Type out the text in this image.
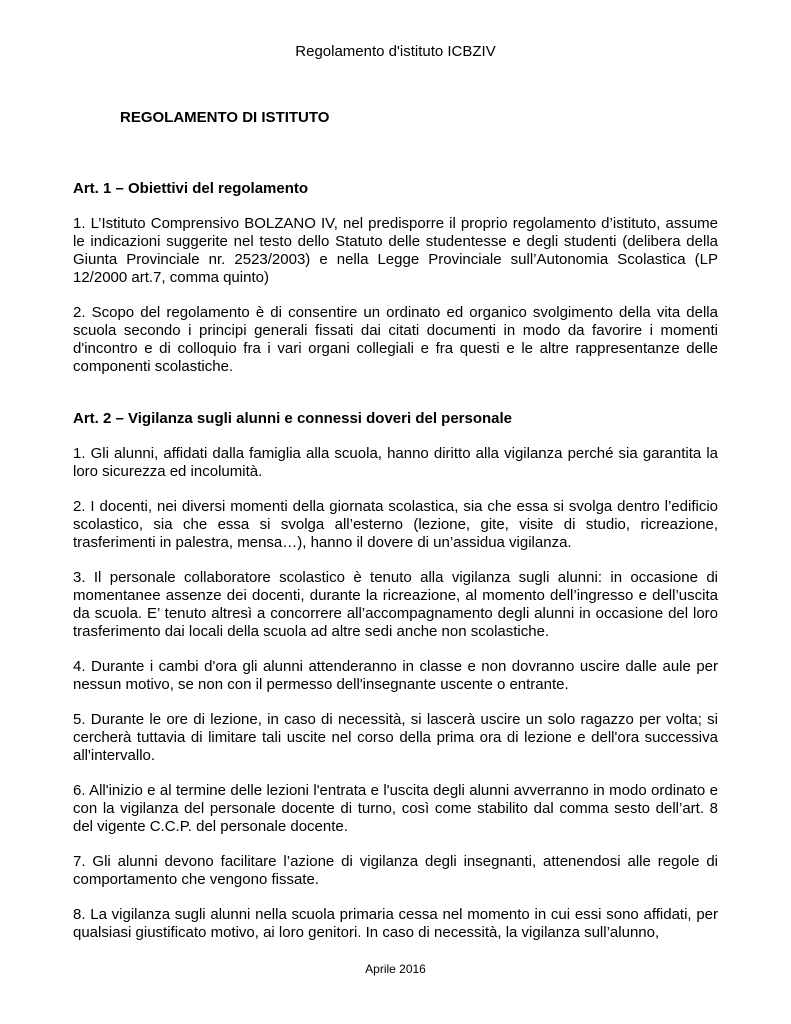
Regolamento d'istituto ICBZIV
REGOLAMENTO DI ISTITUTO
Art. 1 – Obiettivi del regolamento
1. L’Istituto Comprensivo BOLZANO IV, nel predisporre il proprio regolamento d’istituto, assume le indicazioni suggerite nel testo dello Statuto delle studentesse e degli studenti (delibera della Giunta Provinciale nr. 2523/2003) e nella Legge Provinciale sull’Autonomia Scolastica (LP 12/2000 art.7, comma quinto)
2. Scopo del regolamento è di consentire un ordinato ed organico svolgimento della vita della scuola secondo i principi generali fissati dai citati documenti in modo da favorire i momenti d'incontro e di colloquio fra i vari organi collegiali e fra questi e le altre rappresentanze delle componenti scolastiche.
Art. 2 – Vigilanza sugli alunni e connessi doveri del personale
1. Gli alunni, affidati dalla famiglia alla scuola, hanno diritto alla vigilanza perché sia garantita la loro sicurezza ed incolumità.
2. I docenti, nei diversi momenti della giornata scolastica, sia che essa si svolga dentro l’edificio scolastico, sia che essa si svolga all’esterno (lezione, gite, visite di studio, ricreazione, trasferimenti in palestra, mensa…), hanno il dovere di un’assidua vigilanza.
3. Il personale collaboratore scolastico è tenuto alla vigilanza sugli alunni: in occasione di momentanee assenze dei docenti, durante la ricreazione, al momento dell’ingresso e dell’uscita da scuola. E’ tenuto altresì a concorrere all’accompagnamento degli alunni in occasione del loro trasferimento dai locali della scuola ad altre sedi anche non scolastiche.
4. Durante i cambi d'ora gli alunni attenderanno in classe e non dovranno uscire dalle aule per nessun motivo, se non con il permesso dell'insegnante uscente o entrante.
5. Durante le ore di lezione, in caso di necessità, si lascerà uscire un solo ragazzo per volta; si cercherà tuttavia di limitare tali uscite nel corso della prima ora di lezione e dell'ora successiva all'intervallo.
6. All'inizio e al termine delle lezioni l'entrata e l'uscita degli alunni avverranno in modo ordinato e con la vigilanza del personale docente di turno, così come stabilito dal comma sesto dell’art. 8 del vigente C.C.P. del personale docente.
7. Gli alunni devono facilitare l’azione di vigilanza degli insegnanti, attenendosi alle regole di comportamento che vengono fissate.
8. La vigilanza sugli alunni nella scuola primaria cessa nel momento in cui essi sono affidati, per qualsiasi giustificato motivo, ai loro genitori. In caso di necessità, la vigilanza sull’alunno,
Aprile 2016
